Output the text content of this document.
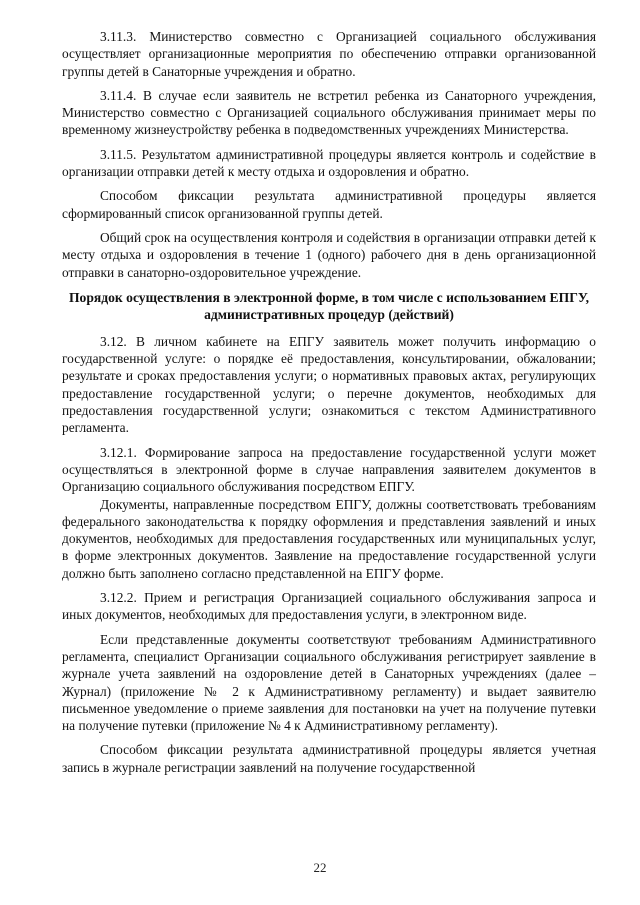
3.11.3. Министерство совместно с Организацией социального обслуживания осуществляет организационные мероприятия по обеспечению отправки организованной группы детей в Санаторные учреждения и обратно.

3.11.4. В случае если заявитель не встретил ребенка из Санаторного учреждения, Министерство совместно с Организацией социального обслуживания принимает меры по временному жизнеустройству ребенка в подведомственных учреждениях Министерства.

3.11.5. Результатом административной процедуры является контроль и содействие в организации отправки детей к месту отдыха и оздоровления и обратно.

Способом фиксации результата административной процедуры является сформированный список организованной группы детей.

Общий срок на осуществления контроля и содействия в организации отправки детей к месту отдыха и оздоровления в течение 1 (одного) рабочего дня в день организационной отправки в санаторно-оздоровительное учреждение.

Порядок осуществления в электронной форме, в том числе с использованием ЕПГУ, административных процедур (действий)

3.12. В личном кабинете на ЕПГУ заявитель может получить информацию о государственной услуге: о порядке её предоставления, консультировании, обжаловании; результате и сроках предоставления услуги; о нормативных правовых актах, регулирующих предоставление государственной услуги; о перечне документов, необходимых для предоставления государственной услуги; ознакомиться с текстом Административного регламента.

3.12.1. Формирование запроса на предоставление государственной услуги может осуществляться в электронной форме в случае направления заявителем документов в Организацию социального обслуживания посредством ЕПГУ.

Документы, направленные посредством ЕПГУ, должны соответствовать требованиям федерального законодательства к порядку оформления и представления заявлений и иных документов, необходимых для предоставления государственных или муниципальных услуг, в форме электронных документов. Заявление на предоставление государственной услуги должно быть заполнено согласно представленной на ЕПГУ форме.

3.12.2. Прием и регистрация Организацией социального обслуживания запроса и иных документов, необходимых для предоставления услуги, в электронном виде.

Если представленные документы соответствуют требованиям Административного регламента, специалист Организации социального обслуживания регистрирует заявление в журнале учета заявлений на оздоровление детей в Санаторных учреждениях (далее – Журнал) (приложение № 2 к Административному регламенту) и выдает заявителю письменное уведомление о приеме заявления для постановки на учет на получение путевки на получение путевки (приложение № 4 к Административному регламенту).

Способом фиксации результата административной процедуры является учетная запись в журнале регистрации заявлений на получение государственной

22
